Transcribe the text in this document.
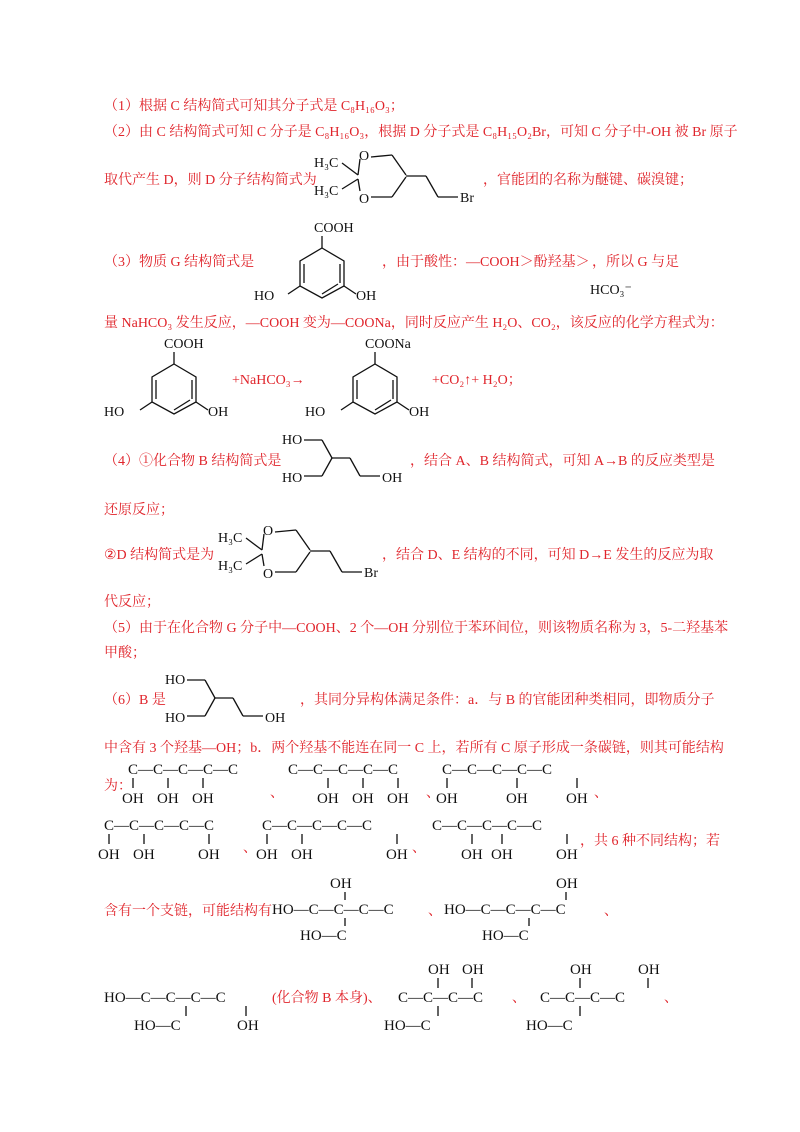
（1）根据 C 结构简式可知其分子式是 C₈H₁₆O₃；
（2）由 C 结构简式可知 C 分子是 C₈H₁₆O₃，根据 D 分子式是 C₈H₁₅O₂Br，可知 C 分子中-OH 被 Br 原子
取代产生 D，则 D 分子结构简式为	，官能团的名称为醚键、碳溴键；
H₃C
H₃C
O
O	Br
（3）物质 G 结构简式是	，由于酸性：—COOH＞酚羟基＞ ，所以 G 与足
HCO₃⁻
COOH
HO	OH
量 NaHCO₃ 发生反应，—COOH 变为—COONa，同时反应产生 H₂O、CO₂，该反应的化学方程式为：
COOH
HO	OH
+NaHCO₃→
COONa
HO	OH
+CO₂↑+ H₂O；
（4）①化合物 B 结构简式是	，结合 A、B 结构简式，可知 A→B 的反应类型是
HO
HO	OH
还原反应；
②D 结构简式是为	，结合 D、E 结构的不同，可知 D→E 发生的反应为取
H₃C
H₃C
O
O	Br
代反应；
（5）由于在化合物 G 分子中—COOH、2 个—OH 分别位于苯环间位，则该物质名称为 3，5-二羟基苯
甲酸；
（6）B 是	，其同分异构体满足条件：a．与 B 的官能团种类相同，即物质分子
HO
HO	OH
中含有 3 个羟基—OH；b．两个羟基不能连在同一 C 上，若所有 C 原子形成一条碳链，则其可能结构
为：
C—C—C—C—C
OH OH OH	、
C—C—C—C—C
OH OH OH 、
C—C—C—C—C
OH	OH	OH 、
C—C—C—C—C
OH OH	OH 、
C—C—C—C—C
OH OH	OH 、
C—C—C—C—C
OH OH	OH
，共 6 种不同结构；若
含有一个支链，可能结构有
OH
HO—C—C—C—C
HO—C
、
OH
HO—C—C—C—C
HO—C
、
HO—C—C—C—C
HO—C	OH
(化合物 B 本身)、
OH OH
C—C—C—C
HO—C
、
OH	OH
C—C—C—C
HO—C
、
